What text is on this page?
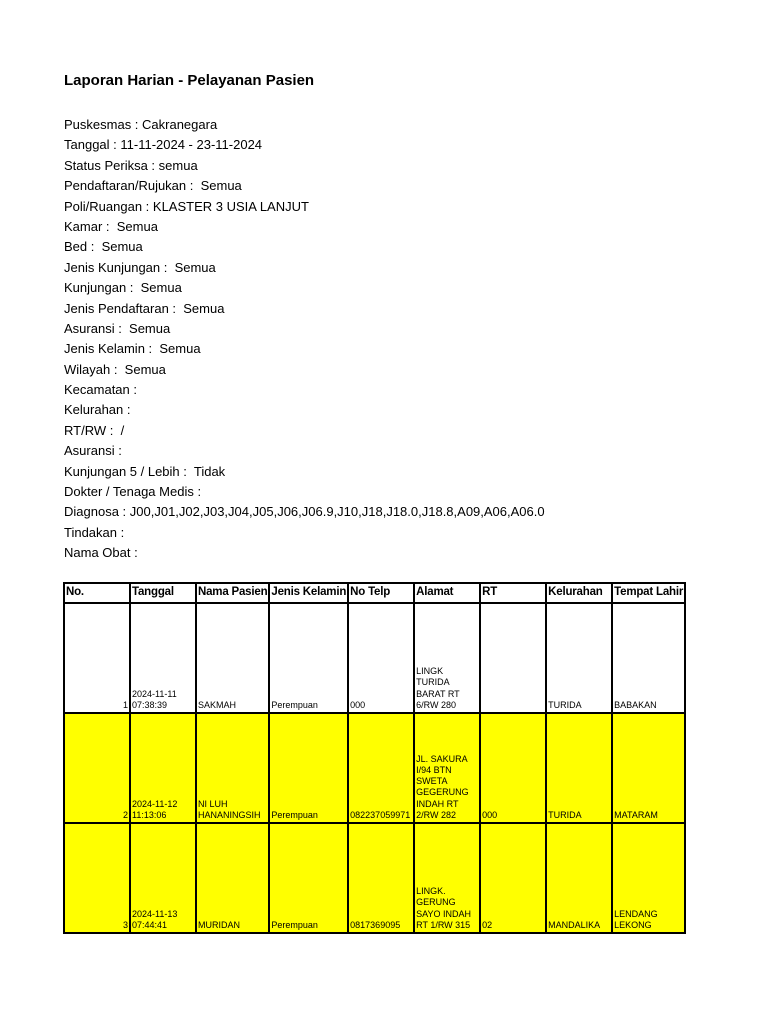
Laporan Harian - Pelayanan Pasien
Puskesmas : Cakranegara
Tanggal : 11-11-2024 - 23-11-2024
Status Periksa : semua
Pendaftaran/Rujukan :  Semua
Poli/Ruangan : KLASTER 3 USIA LANJUT
Kamar :  Semua
Bed :  Semua
Jenis Kunjungan :  Semua
Kunjungan :  Semua
Jenis Pendaftaran :  Semua
Asuransi :  Semua
Jenis Kelamin :  Semua
Wilayah :  Semua
Kecamatan :
Kelurahan :
RT/RW :  /
Asuransi :
Kunjungan 5 / Lebih :  Tidak
Dokter / Tenaga Medis :
Diagnosa : J00,J01,J02,J03,J04,J05,J06,J06.9,J10,J18,J18.0,J18.8,A09,A06,A06.0
Tindakan :
Nama Obat :
No.	Tanggal	Nama Pasien	Jenis Kelamin	No Telp	Alamat	RT	Kelurahan	Tempat Lahir
1	2024-11-11 07:38:39	SAKMAH	Perempuan	000	LINGK TURIDA BARAT RT 6/RW 280		TURIDA	BABAKAN
2	2024-11-12 11:13:06	NI LUH HANANINGSIH	Perempuan	082237059971	JL. SAKURA I/94 BTN SWETA GEGERUNG INDAH RT 2/RW 282	000	TURIDA	MATARAM
3	2024-11-13 07:44:41	MURIDAN	Perempuan	0817369095	LINGK. GERUNG SAYO INDAH RT 1/RW 315	02	MANDALIKA	LENDANG LEKONG
